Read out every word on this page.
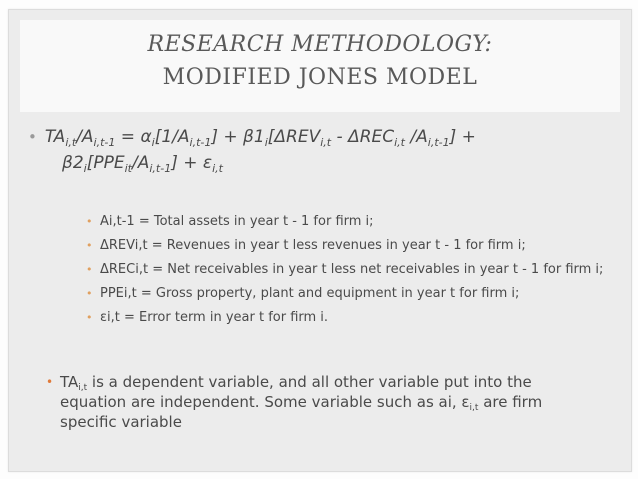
RESEARCH METHODOLOGY:
MODIFIED JONES MODEL
• $TA_{i,t}/A_{i,t-1} = \alpha_i[1/A_{i,t-1}] + \beta 1_i[\Delta REV_{i,t} - \Delta REC_{i,t}$ $/A_{i,t-1}$] +
$\beta 2_i[PPE_{it}/A_{i,t-1}] + \varepsilon_{i,t}$
• Ai,t-1 = Total assets in year t - 1 for firm i;
• ΔREVi,t = Revenues in year t less revenues in year t - 1 for firm i;
• ΔRECi,t = Net receivables in year t less net receivables in year t - 1 for firm i;
• PPEi,t = Gross property, plant and equipment in year t for firm i;
• εi,t = Error term in year t for firm i.
• $TA_{i,t}$ is a dependent variable, and all other variable put into the equation are independent. Some variable such as ai, $\varepsilon_{i,t}$ are firm specific variable
